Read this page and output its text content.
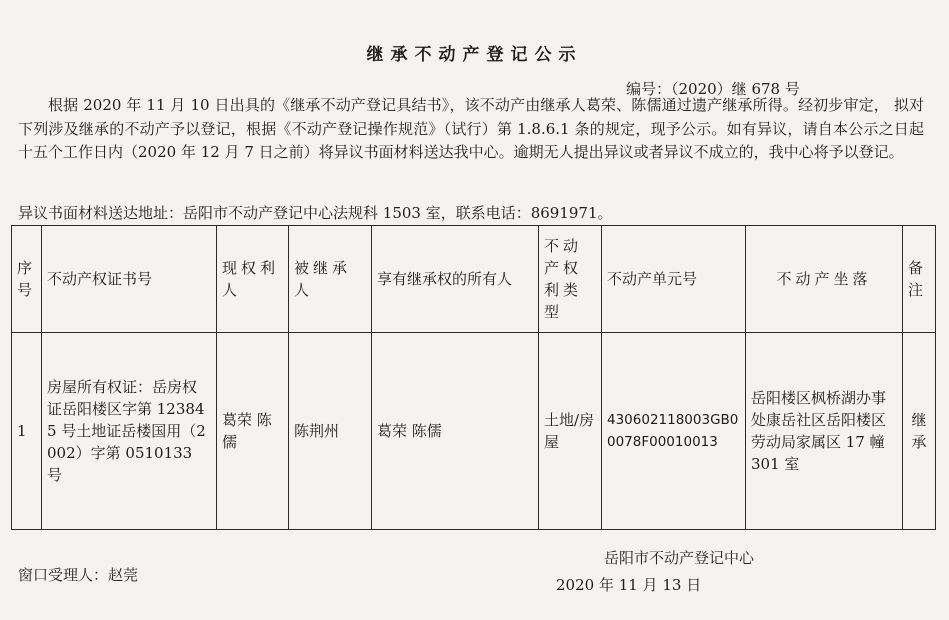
继承不动产登记公示
编号：（2020）继 678 号

根据 2020 年 11 月 10 日出具的《继承不动产登记具结书》，该不动产由继承人葛荣、陈儒通过遗产继承所得。经初步审定， 拟对下列涉及继承的不动产予以登记，根据《不动产登记操作规范》（试行）第 1.8.6.1 条的规定，现予公示。如有异议，请自本公示之日起十五个工作日内（2020 年 12 月 7 日之前）将异议书面材料送达我中心。逾期无人提出异议或者异议不成立的，我中心将予以登记。

异议书面材料送达地址：岳阳市不动产登记中心法规科 1503 室，联系电话：8691971。
序号	不动产权证书号	现权利人	被继承人	享有继承权的所有人	不动产权利类型	不动产单元号	不动产坐落	备注
1	房屋所有权证：岳房权证岳阳楼区字第 123845 号土地证岳楼国用（2002）字第 0510133 号	葛荣 陈儒	陈荆州	葛荣 陈儒	土地/房屋	430602118003GB00078F00010013	岳阳楼区枫桥湖办事处康岳社区岳阳楼区劳动局家属区 17 幢 301 室	继承
岳阳市不动产登记中心
窗口受理人：赵莞
2020 年 11 月 13 日
